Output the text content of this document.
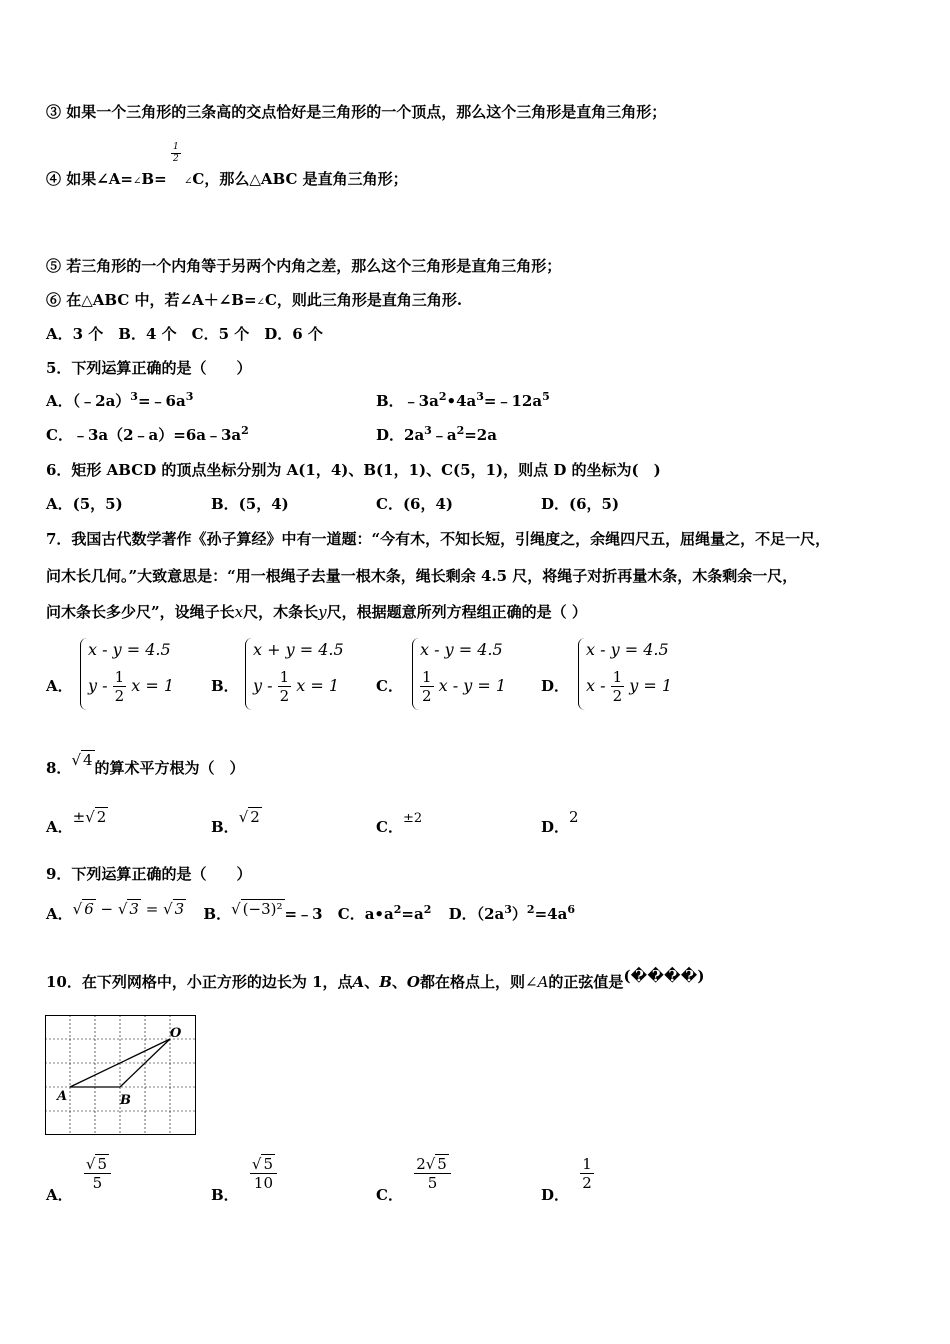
③ 如果一个三角形的三条高的交点恰好是三角形的一个顶点，那么这个三角形是直角三角形；
④ 如果∠A=∠B=
$\frac{1}{2}$
∠C，那么△ABC 是直角三角形；
⑤ 若三角形的一个内角等于另两个内角之差，那么这个三角形是直角三角形；
⑥ 在△ABC 中，若∠A＋∠B=∠C，则此三角形是直角三角形.
A．3 个　B．4 个　C．5 个　D．6 个
5．下列运算正确的是（　　）
A．$(﹣2a)^3=﹣6a^3$	B．$﹣3a^2•4a^3=﹣12a^5$
C．$﹣3a(2﹣a)=6a﹣3a^2$	D．$2a^3﹣a^2=2a$
6．矩形 ABCD 的顶点坐标分别为 A(1，4)、B(1，1)、C(5，1)，则点 D 的坐标为(　)
A．(5，5)	B．(5，4)	C．(6，4)	D．(6，5)
7．我国古代数学著作《孙子算经》中有一道题：“今有木，不知长短，引绳度之，余绳四尺五，屈绳量之，不足一尺，
问木长几何。”大致意思是：“用一根绳子去量一根木条，绳长剩余 4.5 尺，将绳子对折再量木条，木条剩余一尺，
问木条长多少尺”，设绳子长x尺，木条长y尺，根据题意所列方程组正确的是（ ）
A．
x - y = 4.5
y - $\frac{1}{2}$ x = 1 B．
x + y = 4.5
y - $\frac{1}{2}$ x = 1 C．
x - y = 4.5
$\frac{1}{2}$ x - y = 1 D．
x - y = 4.5
x - $\frac{1}{2}$ y = 1
8．√ 4 的算术平方根为（　）
A．±√ 2
B．√ 2
C．±2	D．2
9．下列运算正确的是（　　）
A．√ 6 − √ 3 = √ 3 B．√ (−3)² =﹣3 C．$a•a^2=a^2$ D．$(2a^3)^2=4a^6$
10．在下列网格中，小正方形的边长为 1，点A、B、O都在格点上，则∠A的正弦值是(����)
O
A	B
A．
$\frac{√ 5}{5}$
B．
$\frac{√ 5}{10}$
C．
$\frac{2√ 5}{5}$
D．
$\frac{1}{2}$
